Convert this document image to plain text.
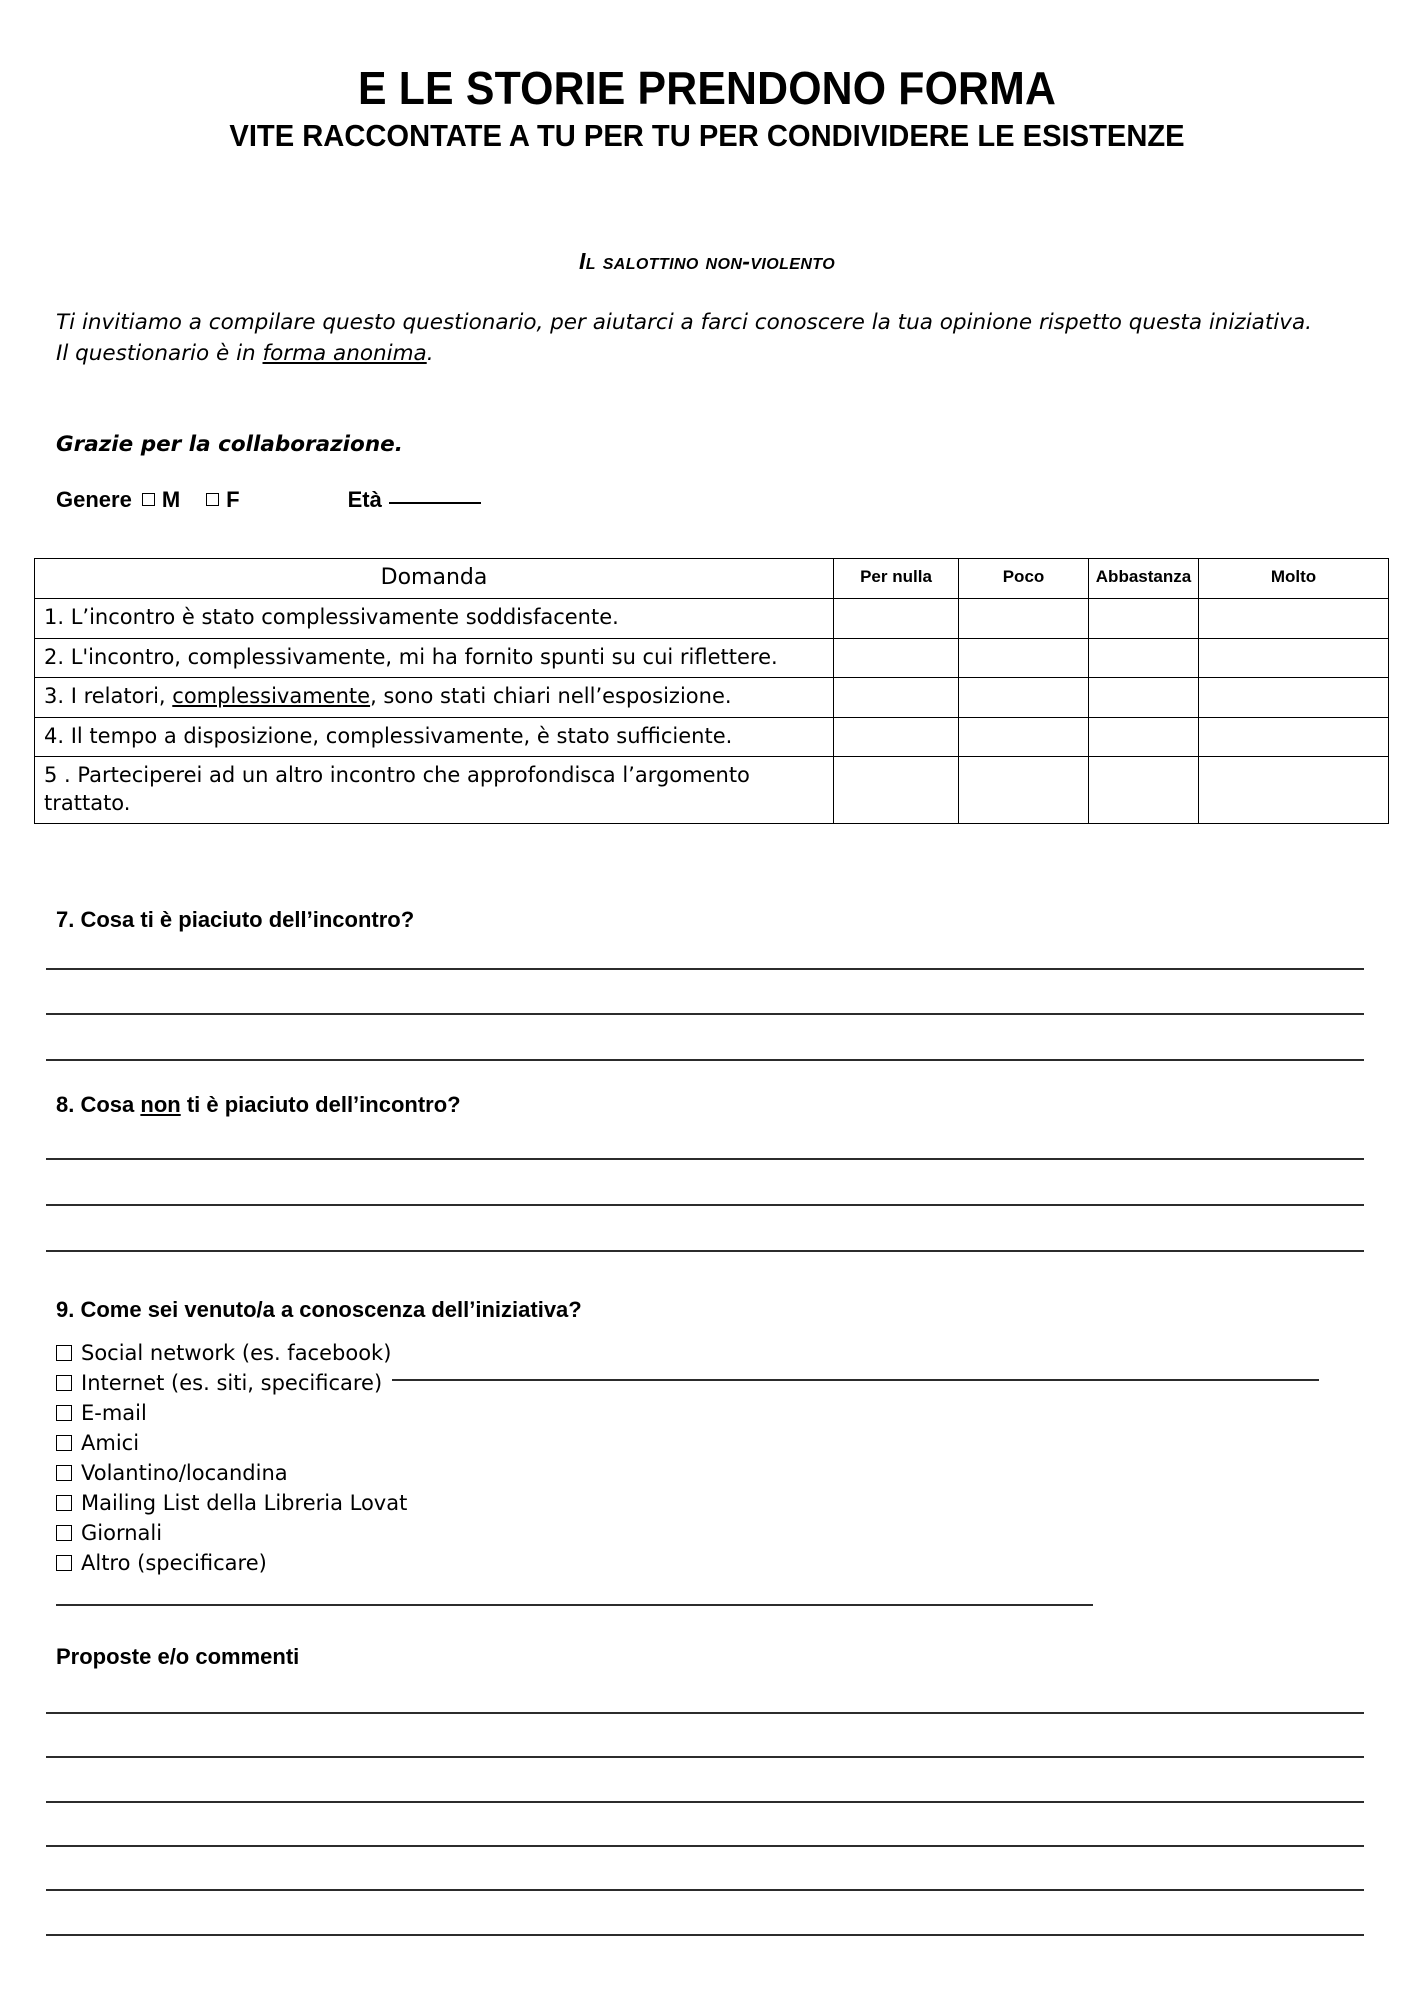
E LE STORIE PRENDONO FORMA
VITE RACCONTATE A TU PER TU PER CONDIVIDERE LE ESISTENZE
Il salottino non-violento
Ti invitiamo a compilare questo questionario, per aiutarci a farci conoscere la tua opinione rispetto questa iniziativa.
Il questionario è in forma anonima.
Grazie per la collaborazione.
Genere	M	F	Età
Domanda	Per nulla	Poco	Abbastanza	Molto
1. L’incontro è stato complessivamente soddisfacente.				
2. L'incontro, complessivamente, mi ha fornito spunti su cui riflettere.				
3. I relatori, complessivamente, sono stati chiari nell’esposizione.				
4. Il tempo a disposizione, complessivamente, è stato sufficiente.				
5 . Parteciperei ad un altro incontro che approfondisca l’argomento trattato.				
7. Cosa ti è piaciuto dell’incontro?
8. Cosa non ti è piaciuto dell’incontro?
9. Come sei venuto/a a conoscenza dell’iniziativa?
Social network (es. facebook)
Internet (es. siti, specificare)
E-mail
Amici
Volantino/locandina
Mailing List della Libreria Lovat
Giornali
Altro (specificare)
Proposte e/o commenti
